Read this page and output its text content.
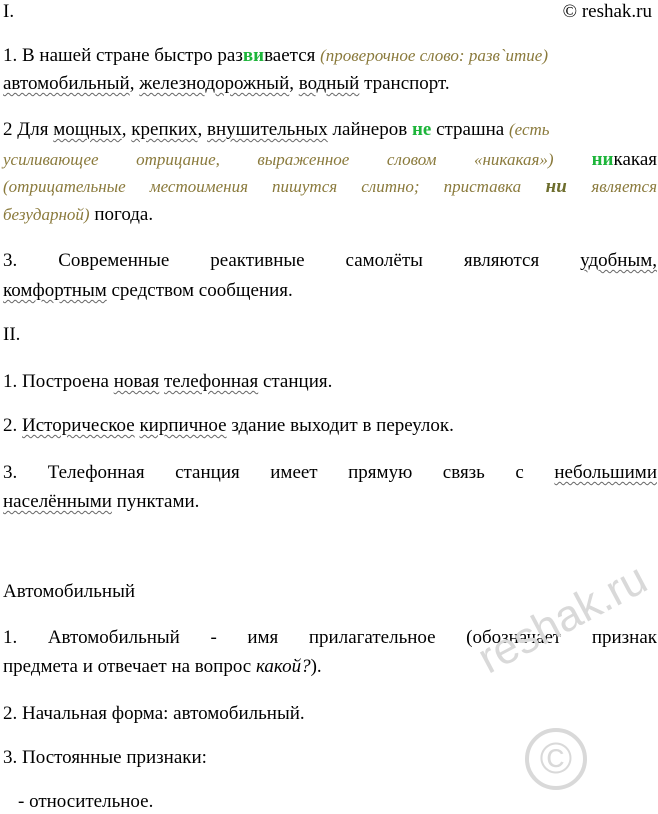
I.	© reshak.ru
1. В нашей стране быстро развивается (проверочное слово: разв`итие)
автомобильный, железнодорожный, водный транспорт.
2 Для мощных, крепких, внушительных лайнеров не страшна (есть
усиливающее отрицание, выраженное словом «никакая») никакая
(отрицательные местоимения пишутся слитно; приставка ни является
безударной) погода.
3. Современные реактивные самолёты являются удобным,
комфортным средством сообщения.
II.
1. Построена новая телефонная станция.
2. Историческое кирпичное здание выходит в переулок.
3. Телефонная станция имеет прямую связь с небольшими
населёнными пунктами.
Автомобильный
1. Автомобильный - имя прилагательное (обозначает признак
предмета и отвечает на вопрос какой?).
2. Начальная форма: автомобильный.
3. Постоянные признаки:
- относительное.
reshak.ru
©
